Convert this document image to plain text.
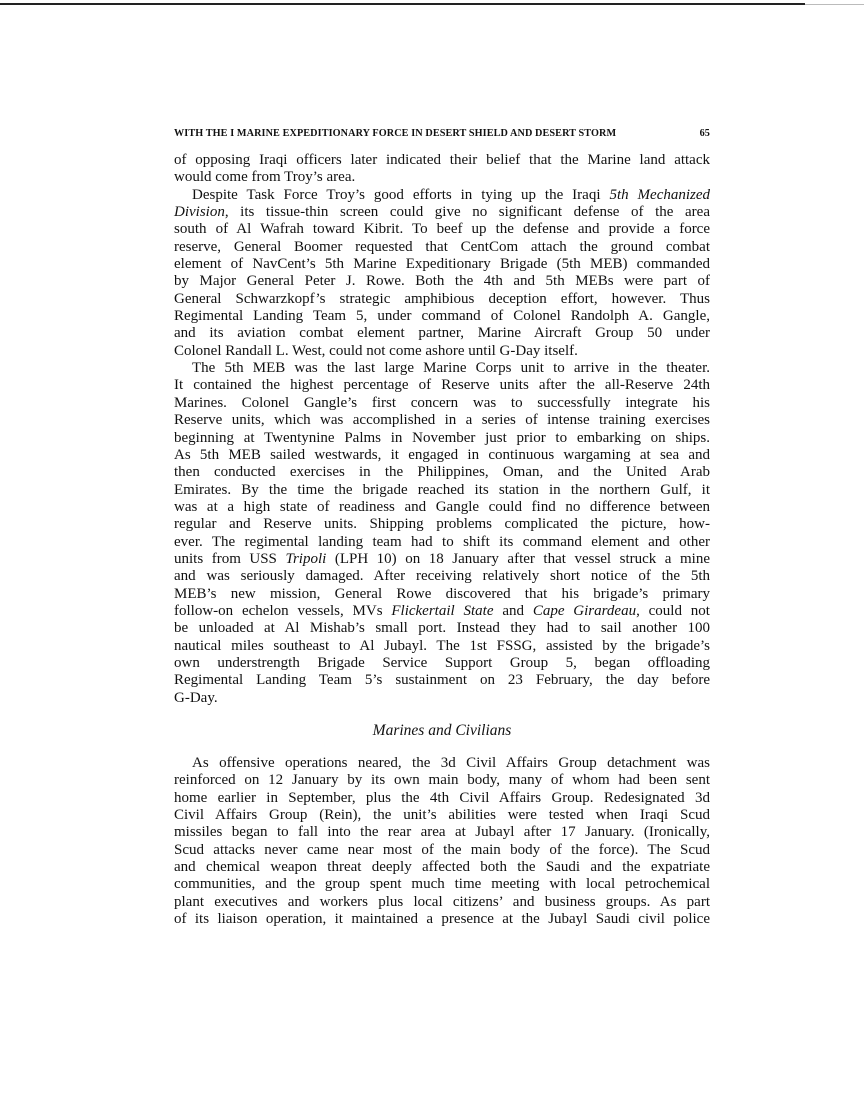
WITH THE I MARINE EXPEDITIONARY FORCE IN DESERT SHIELD AND DESERT STORM	65
of opposing Iraqi officers later indicated their belief that the Marine land attack
would come from Troy’s area.
Despite Task Force Troy’s good efforts in tying up the Iraqi 5th Mechanized
Division, its tissue-thin screen could give no significant defense of the area
south of Al Wafrah toward Kibrit. To beef up the defense and provide a force
reserve, General Boomer requested that CentCom attach the ground combat
element of NavCent’s 5th Marine Expeditionary Brigade (5th MEB) commanded
by Major General Peter J. Rowe. Both the 4th and 5th MEBs were part of
General Schwarzkopf’s strategic amphibious deception effort, however. Thus
Regimental Landing Team 5, under command of Colonel Randolph A. Gangle,
and its aviation combat element partner, Marine Aircraft Group 50 under
Colonel Randall L. West, could not come ashore until G-Day itself.
The 5th MEB was the last large Marine Corps unit to arrive in the theater.
It contained the highest percentage of Reserve units after the all-Reserve 24th
Marines. Colonel Gangle’s first concern was to successfully integrate his
Reserve units, which was accomplished in a series of intense training exercises
beginning at Twentynine Palms in November just prior to embarking on ships.
As 5th MEB sailed westwards, it engaged in continuous wargaming at sea and
then conducted exercises in the Philippines, Oman, and the United Arab
Emirates. By the time the brigade reached its station in the northern Gulf, it
was at a high state of readiness and Gangle could find no difference between
regular and Reserve units. Shipping problems complicated the picture, how-
ever. The regimental landing team had to shift its command element and other
units from USS Tripoli (LPH 10) on 18 January after that vessel struck a mine
and was seriously damaged. After receiving relatively short notice of the 5th
MEB’s new mission, General Rowe discovered that his brigade’s primary
follow-on echelon vessels, MVs Flickertail State and Cape Girardeau, could not
be unloaded at Al Mishab’s small port. Instead they had to sail another 100
nautical miles southeast to Al Jubayl. The 1st FSSG, assisted by the brigade’s
own understrength Brigade Service Support Group 5, began offloading
Regimental Landing Team 5’s sustainment on 23 February, the day before
G-Day.
Marines and Civilians
As offensive operations neared, the 3d Civil Affairs Group detachment was
reinforced on 12 January by its own main body, many of whom had been sent
home earlier in September, plus the 4th Civil Affairs Group. Redesignated 3d
Civil Affairs Group (Rein), the unit’s abilities were tested when Iraqi Scud
missiles began to fall into the rear area at Jubayl after 17 January. (Ironically,
Scud attacks never came near most of the main body of the force). The Scud
and chemical weapon threat deeply affected both the Saudi and the expatriate
communities, and the group spent much time meeting with local petrochemical
plant executives and workers plus local citizens’ and business groups. As part
of its liaison operation, it maintained a presence at the Jubayl Saudi civil police
